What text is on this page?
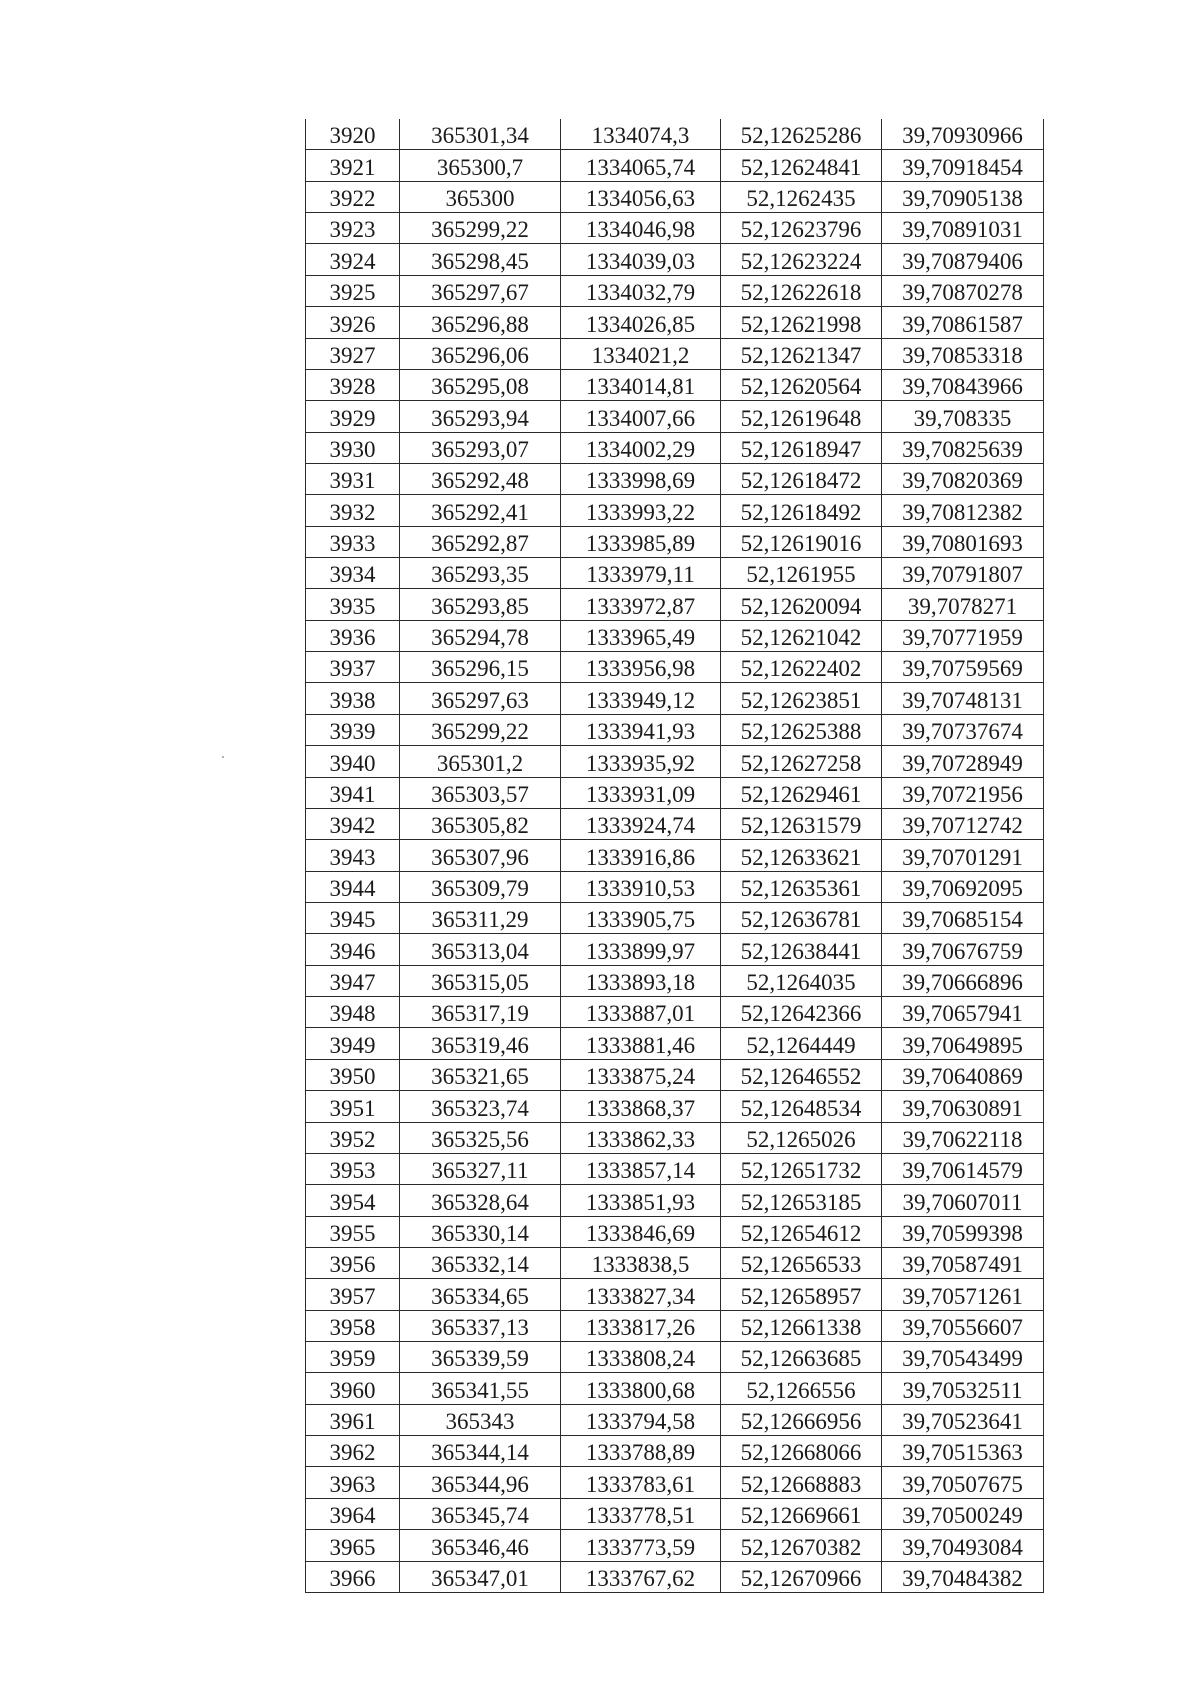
3920	365301,34	1334074,3	52,12625286	39,70930966
3921	365300,7	1334065,74	52,12624841	39,70918454
3922	365300	1334056,63	52,1262435	39,70905138
3923	365299,22	1334046,98	52,12623796	39,70891031
3924	365298,45	1334039,03	52,12623224	39,70879406
3925	365297,67	1334032,79	52,12622618	39,70870278
3926	365296,88	1334026,85	52,12621998	39,70861587
3927	365296,06	1334021,2	52,12621347	39,70853318
3928	365295,08	1334014,81	52,12620564	39,70843966
3929	365293,94	1334007,66	52,12619648	39,708335
3930	365293,07	1334002,29	52,12618947	39,70825639
3931	365292,48	1333998,69	52,12618472	39,70820369
3932	365292,41	1333993,22	52,12618492	39,70812382
3933	365292,87	1333985,89	52,12619016	39,70801693
3934	365293,35	1333979,11	52,1261955	39,70791807
3935	365293,85	1333972,87	52,12620094	39,7078271
3936	365294,78	1333965,49	52,12621042	39,70771959
3937	365296,15	1333956,98	52,12622402	39,70759569
3938	365297,63	1333949,12	52,12623851	39,70748131
3939	365299,22	1333941,93	52,12625388	39,70737674
3940	365301,2	1333935,92	52,12627258	39,70728949
3941	365303,57	1333931,09	52,12629461	39,70721956
3942	365305,82	1333924,74	52,12631579	39,70712742
3943	365307,96	1333916,86	52,12633621	39,70701291
3944	365309,79	1333910,53	52,12635361	39,70692095
3945	365311,29	1333905,75	52,12636781	39,70685154
3946	365313,04	1333899,97	52,12638441	39,70676759
3947	365315,05	1333893,18	52,1264035	39,70666896
3948	365317,19	1333887,01	52,12642366	39,70657941
3949	365319,46	1333881,46	52,1264449	39,70649895
3950	365321,65	1333875,24	52,12646552	39,70640869
3951	365323,74	1333868,37	52,12648534	39,70630891
3952	365325,56	1333862,33	52,1265026	39,70622118
3953	365327,11	1333857,14	52,12651732	39,70614579
3954	365328,64	1333851,93	52,12653185	39,70607011
3955	365330,14	1333846,69	52,12654612	39,70599398
3956	365332,14	1333838,5	52,12656533	39,70587491
3957	365334,65	1333827,34	52,12658957	39,70571261
3958	365337,13	1333817,26	52,12661338	39,70556607
3959	365339,59	1333808,24	52,12663685	39,70543499
3960	365341,55	1333800,68	52,1266556	39,70532511
3961	365343	1333794,58	52,12666956	39,70523641
3962	365344,14	1333788,89	52,12668066	39,70515363
3963	365344,96	1333783,61	52,12668883	39,70507675
3964	365345,74	1333778,51	52,12669661	39,70500249
3965	365346,46	1333773,59	52,12670382	39,70493084
3966	365347,01	1333767,62	52,12670966	39,70484382
